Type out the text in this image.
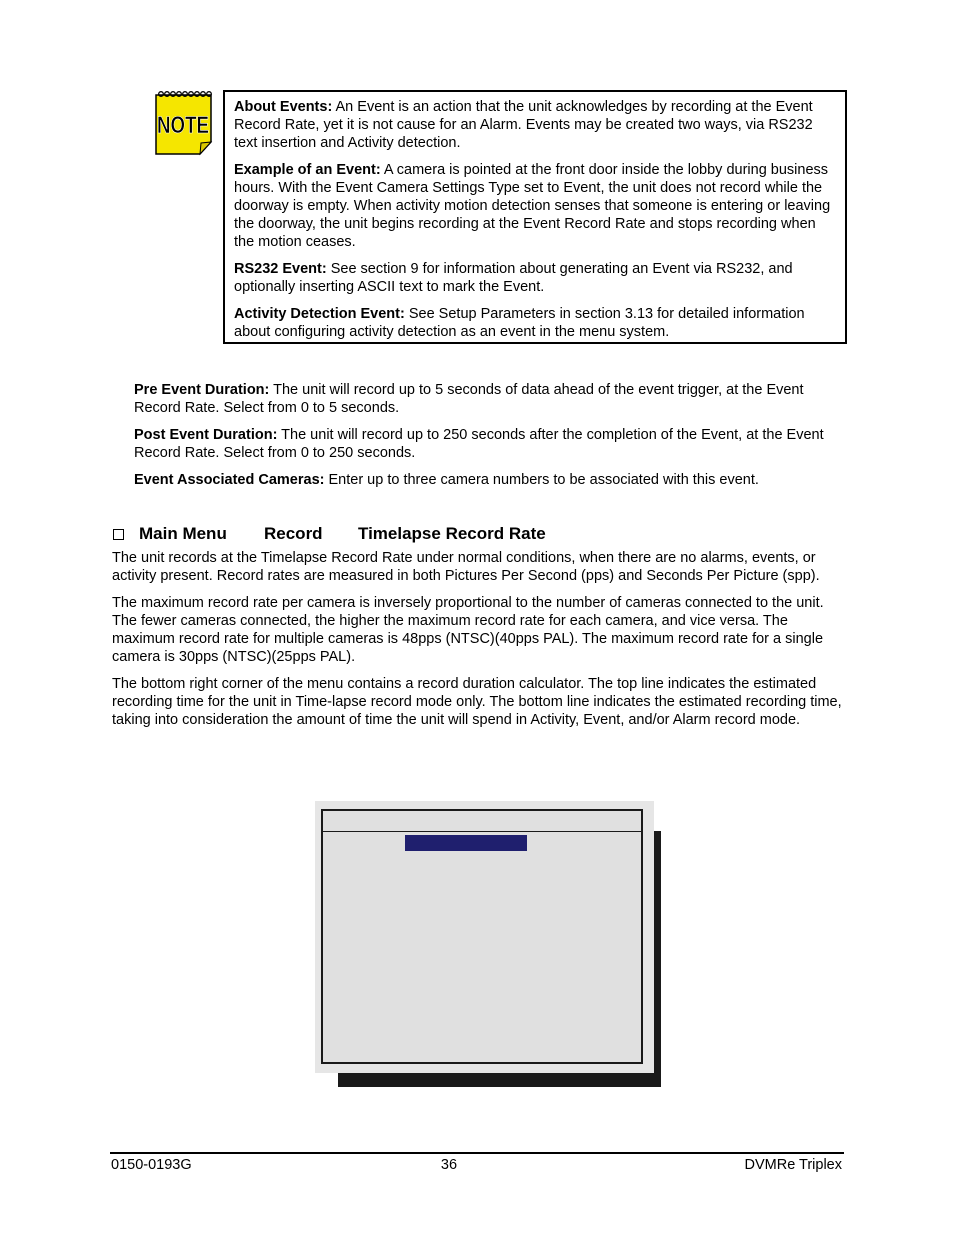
NOTE

About Events: An Event is an action that the unit acknowledges by recording at the Event Record Rate, yet it is not cause for an Alarm. Events may be created two ways, via RS232 text insertion and Activity detection.

Example of an Event: A camera is pointed at the front door inside the lobby during business hours. With the Event Camera Settings Type set to Event, the unit does not record while the doorway is empty. When activity motion detection senses that someone is entering or leaving the doorway, the unit begins recording at the Event Record Rate and stops recording when the motion ceases.

RS232 Event: See section 9 for information about generating an Event via RS232, and optionally inserting ASCII text to mark the Event.

Activity Detection Event: See Setup Parameters in section 3.13 for detailed information about configuring activity detection as an event in the menu system.

Pre Event Duration: The unit will record up to 5 seconds of data ahead of the event trigger, at the Event Record Rate. Select from 0 to 5 seconds.

Post Event Duration: The unit will record up to 250 seconds after the completion of the Event, at the Event Record Rate. Select from 0 to 250 seconds.

Event Associated Cameras: Enter up to three camera numbers to be associated with this event.

Main Menu	Record	Timelapse Record Rate

The unit records at the Timelapse Record Rate under normal conditions, when there are no alarms, events, or activity present. Record rates are measured in both Pictures Per Second (pps) and Seconds Per Picture (spp).

The maximum record rate per camera is inversely proportional to the number of cameras connected to the unit. The fewer cameras connected, the higher the maximum record rate for each camera, and vice versa. The maximum record rate for multiple cameras is 48pps (NTSC)(40pps PAL). The maximum record rate for a single camera is 30pps (NTSC)(25pps PAL).

The bottom right corner of the menu contains a record duration calculator. The top line indicates the estimated recording time for the unit in Time-lapse record mode only. The bottom line indicates the estimated recording time, taking into consideration the amount of time the unit will spend in Activity, Event, and/or Alarm record mode.

0150-0193G	36	DVMRe Triplex
